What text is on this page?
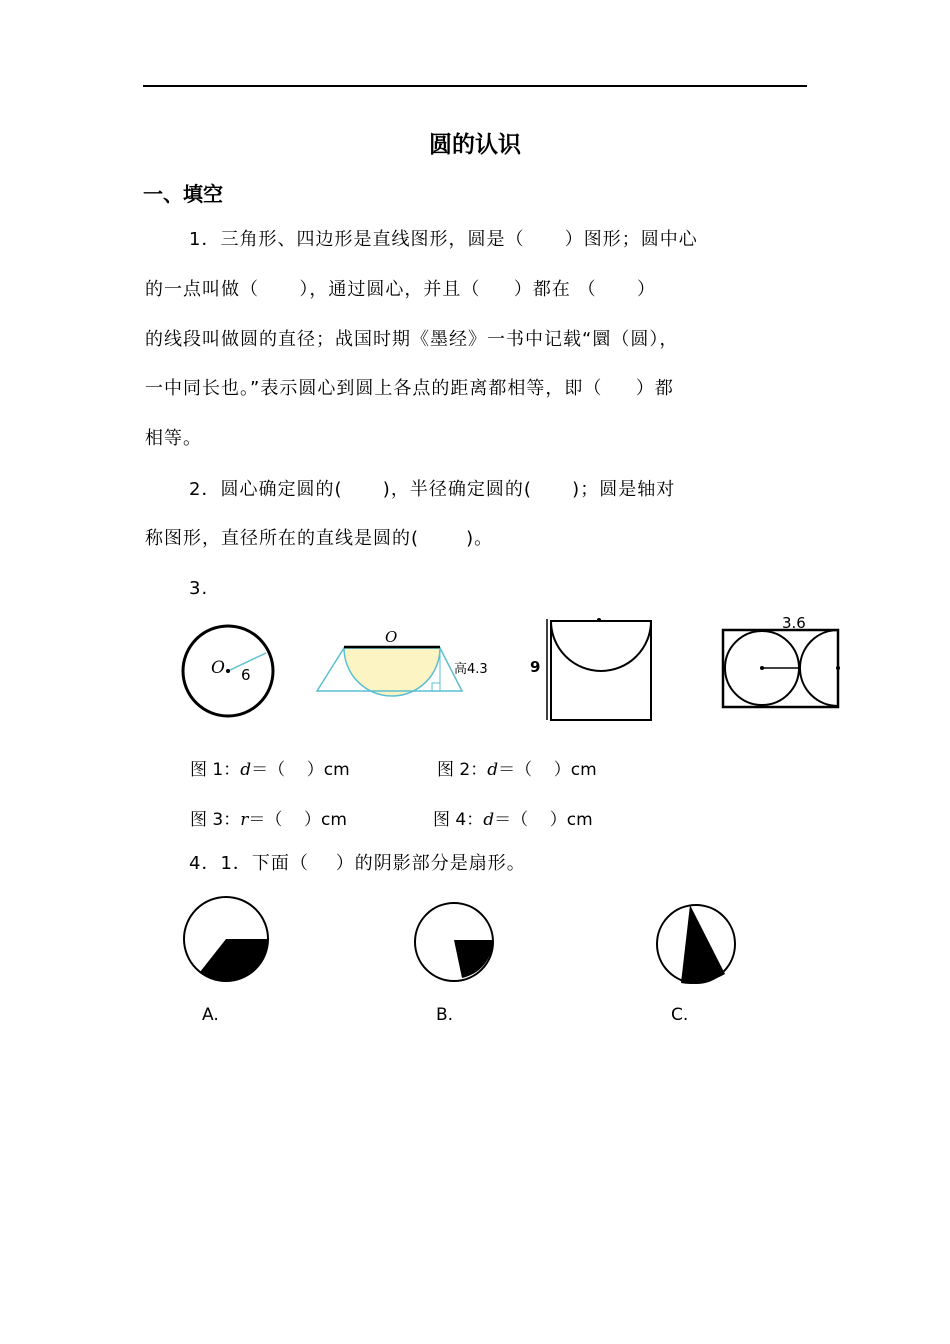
圆的认识
一、填空
1．三角形、四边形是直线图形，圆是（      ）图形；圆中心
的一点叫做（      ），通过圆心，并且（     ）都在 （      ）
的线段叫做圆的直径；战国时期《墨经》一书中记载“圜（圆），
一中同长也。”表示圆心到圆上各点的距离都相等，即（     ）都
相等。
2．圆心确定圆的(      )，半径确定圆的(      )；圆是轴对
称图形，直径所在的直线是圆的(       )。
3.
O 6
O
高4.3	9
3.6
图 1：d＝（    ）cm	图 2：d＝（    ）cm
图 3：r＝（    ）cm	图 4：d＝（    ）cm
4．1．下面（    ）的阴影部分是扇形。
A.	B.	C.
